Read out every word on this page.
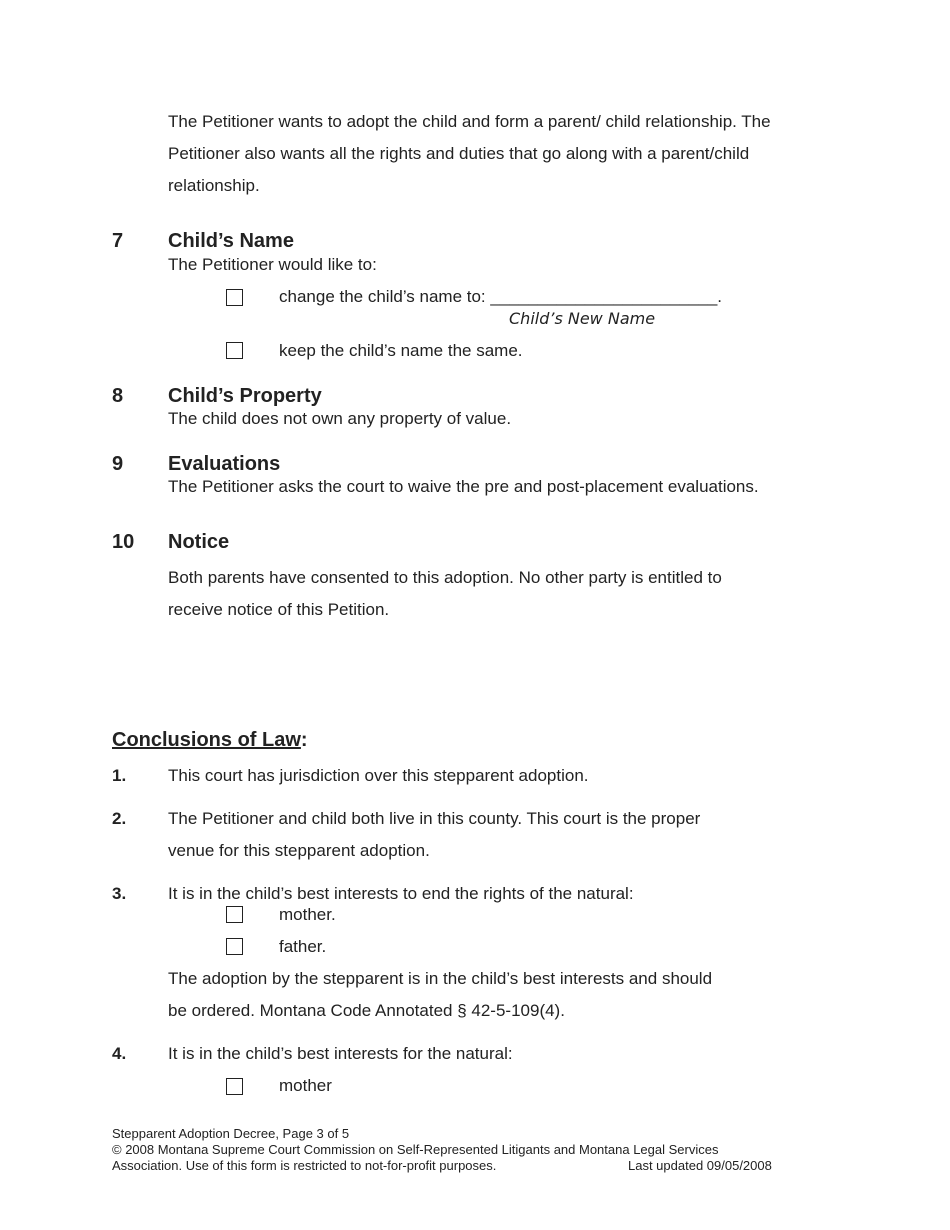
The Petitioner wants to adopt the child and form a parent/ child relationship. The
Petitioner also wants all the rights and duties that go along with a parent/child
relationship.
7 Child’s Name
The Petitioner would like to:
change the child’s name to: ________________________.
Child’s New Name
keep the child’s name the same.
8 Child’s Property
The child does not own any property of value.
9 Evaluations
The Petitioner asks the court to waive the pre and post-placement evaluations.
10 Notice
Both parents have consented to this adoption. No other party is entitled to
receive notice of this Petition.
Conclusions of Law:
1. This court has jurisdiction over this stepparent adoption.
2. The Petitioner and child both live in this county. This court is the proper
venue for this stepparent adoption.
3. It is in the child’s best interests to end the rights of the natural:
mother.
father.
The adoption by the stepparent is in the child’s best interests and should
be ordered. Montana Code Annotated § 42-5-109(4).
4. It is in the child’s best interests for the natural:
mother
Stepparent Adoption Decree, Page 3 of 5
© 2008 Montana Supreme Court Commission on Self-Represented Litigants and Montana Legal Services
Association. Use of this form is restricted to not-for-profit purposes.	Last updated 09/05/2008
